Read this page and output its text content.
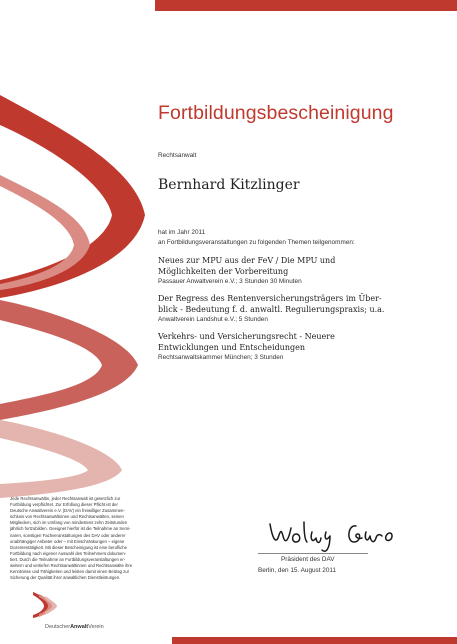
Fortbildungsbescheinigung
Rechtsanwalt
Bernhard Kitzlinger
hat im Jahr 2011
an Fortbildungsveranstaltungen zu folgenden Themen teilgenommen:
Neues zur MPU aus der FeV / Die MPU und
Möglichkeiten der Vorbereitung
Passauer Anwaltverein e.V.; 3 Stunden 30 Minuten
Der Regress des Rentenversicherungsträgers im Über-
blick - Bedeutung f. d. anwaltl. Regulierungspraxis; u.a.
Anwaltverein Landshut e.V.; 5 Stunden
Verkehrs- und Versicherungsrecht - Neuere
Entwicklungen und Entscheidungen
Rechtsanwaltskammer München; 3 Stunden
Jede Rechtsanwältin, jeder Rechtsanwalt ist gesetzlich zur
Fortbildung verpflichtet. Zur Erfüllung dieser Pflicht ist der
Deutsche Anwaltverein e.V. (DAV) ein freiwilliger Zusammen-
schluss von Rechtsanwältinnen und Rechtsanwälten, seinen
Mitgliedern, sich im Umfang von mindestens zehn Zeitstunden
jährlich fortzubilden. Geeignet hierfür ist die Teilnahme an Semi-
naren, sonstigen Fachveranstaltungen des DAV oder anderer
unabhängiger Anbieter oder – mit Einschränkungen – eigene
Dozententätigkeit. Mit dieser Bescheinigung ist eine berufliche
Fortbildung nach eigener Auswahl des Teilnehmers dokumen-
tiert. Durch die Teilnahme an Fortbildungsveranstaltungen er-
weitern und vertiefen Rechtsanwältinnen und Rechtsanwälte ihre
Kenntnisse und Fähigkeiten und leisten damit einen Beitrag zur
Sicherung der Qualität ihrer anwaltlichen Dienstleistungen.
Präsident des DAV
Berlin, den 15. August 2011
DeutscherAnwaltVerein
